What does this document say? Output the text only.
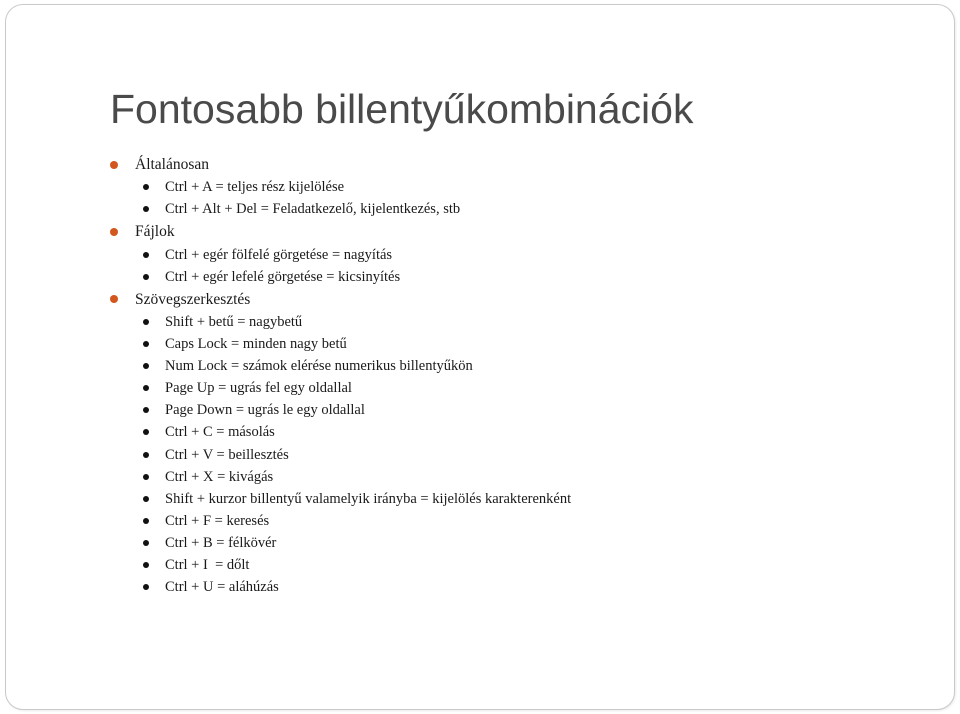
Fontosabb billentyűkombinációk
Általánosan
Ctrl + A = teljes rész kijelölése
Ctrl + Alt + Del = Feladatkezelő, kijelentkezés, stb
Fájlok
Ctrl + egér fölfelé görgetése = nagyítás
Ctrl + egér lefelé görgetése = kicsinyítés
Szövegszerkesztés
Shift + betű = nagybetű
Caps Lock = minden nagy betű
Num Lock = számok elérése numerikus billentyűkön
Page Up = ugrás fel egy oldallal
Page Down = ugrás le egy oldallal
Ctrl + C = másolás
Ctrl + V = beillesztés
Ctrl + X = kivágás
Shift + kurzor billentyű valamelyik irányba = kijelölés karakterenként
Ctrl + F = keresés
Ctrl + B = félkövér
Ctrl + I  = dőlt
Ctrl + U = aláhúzás
